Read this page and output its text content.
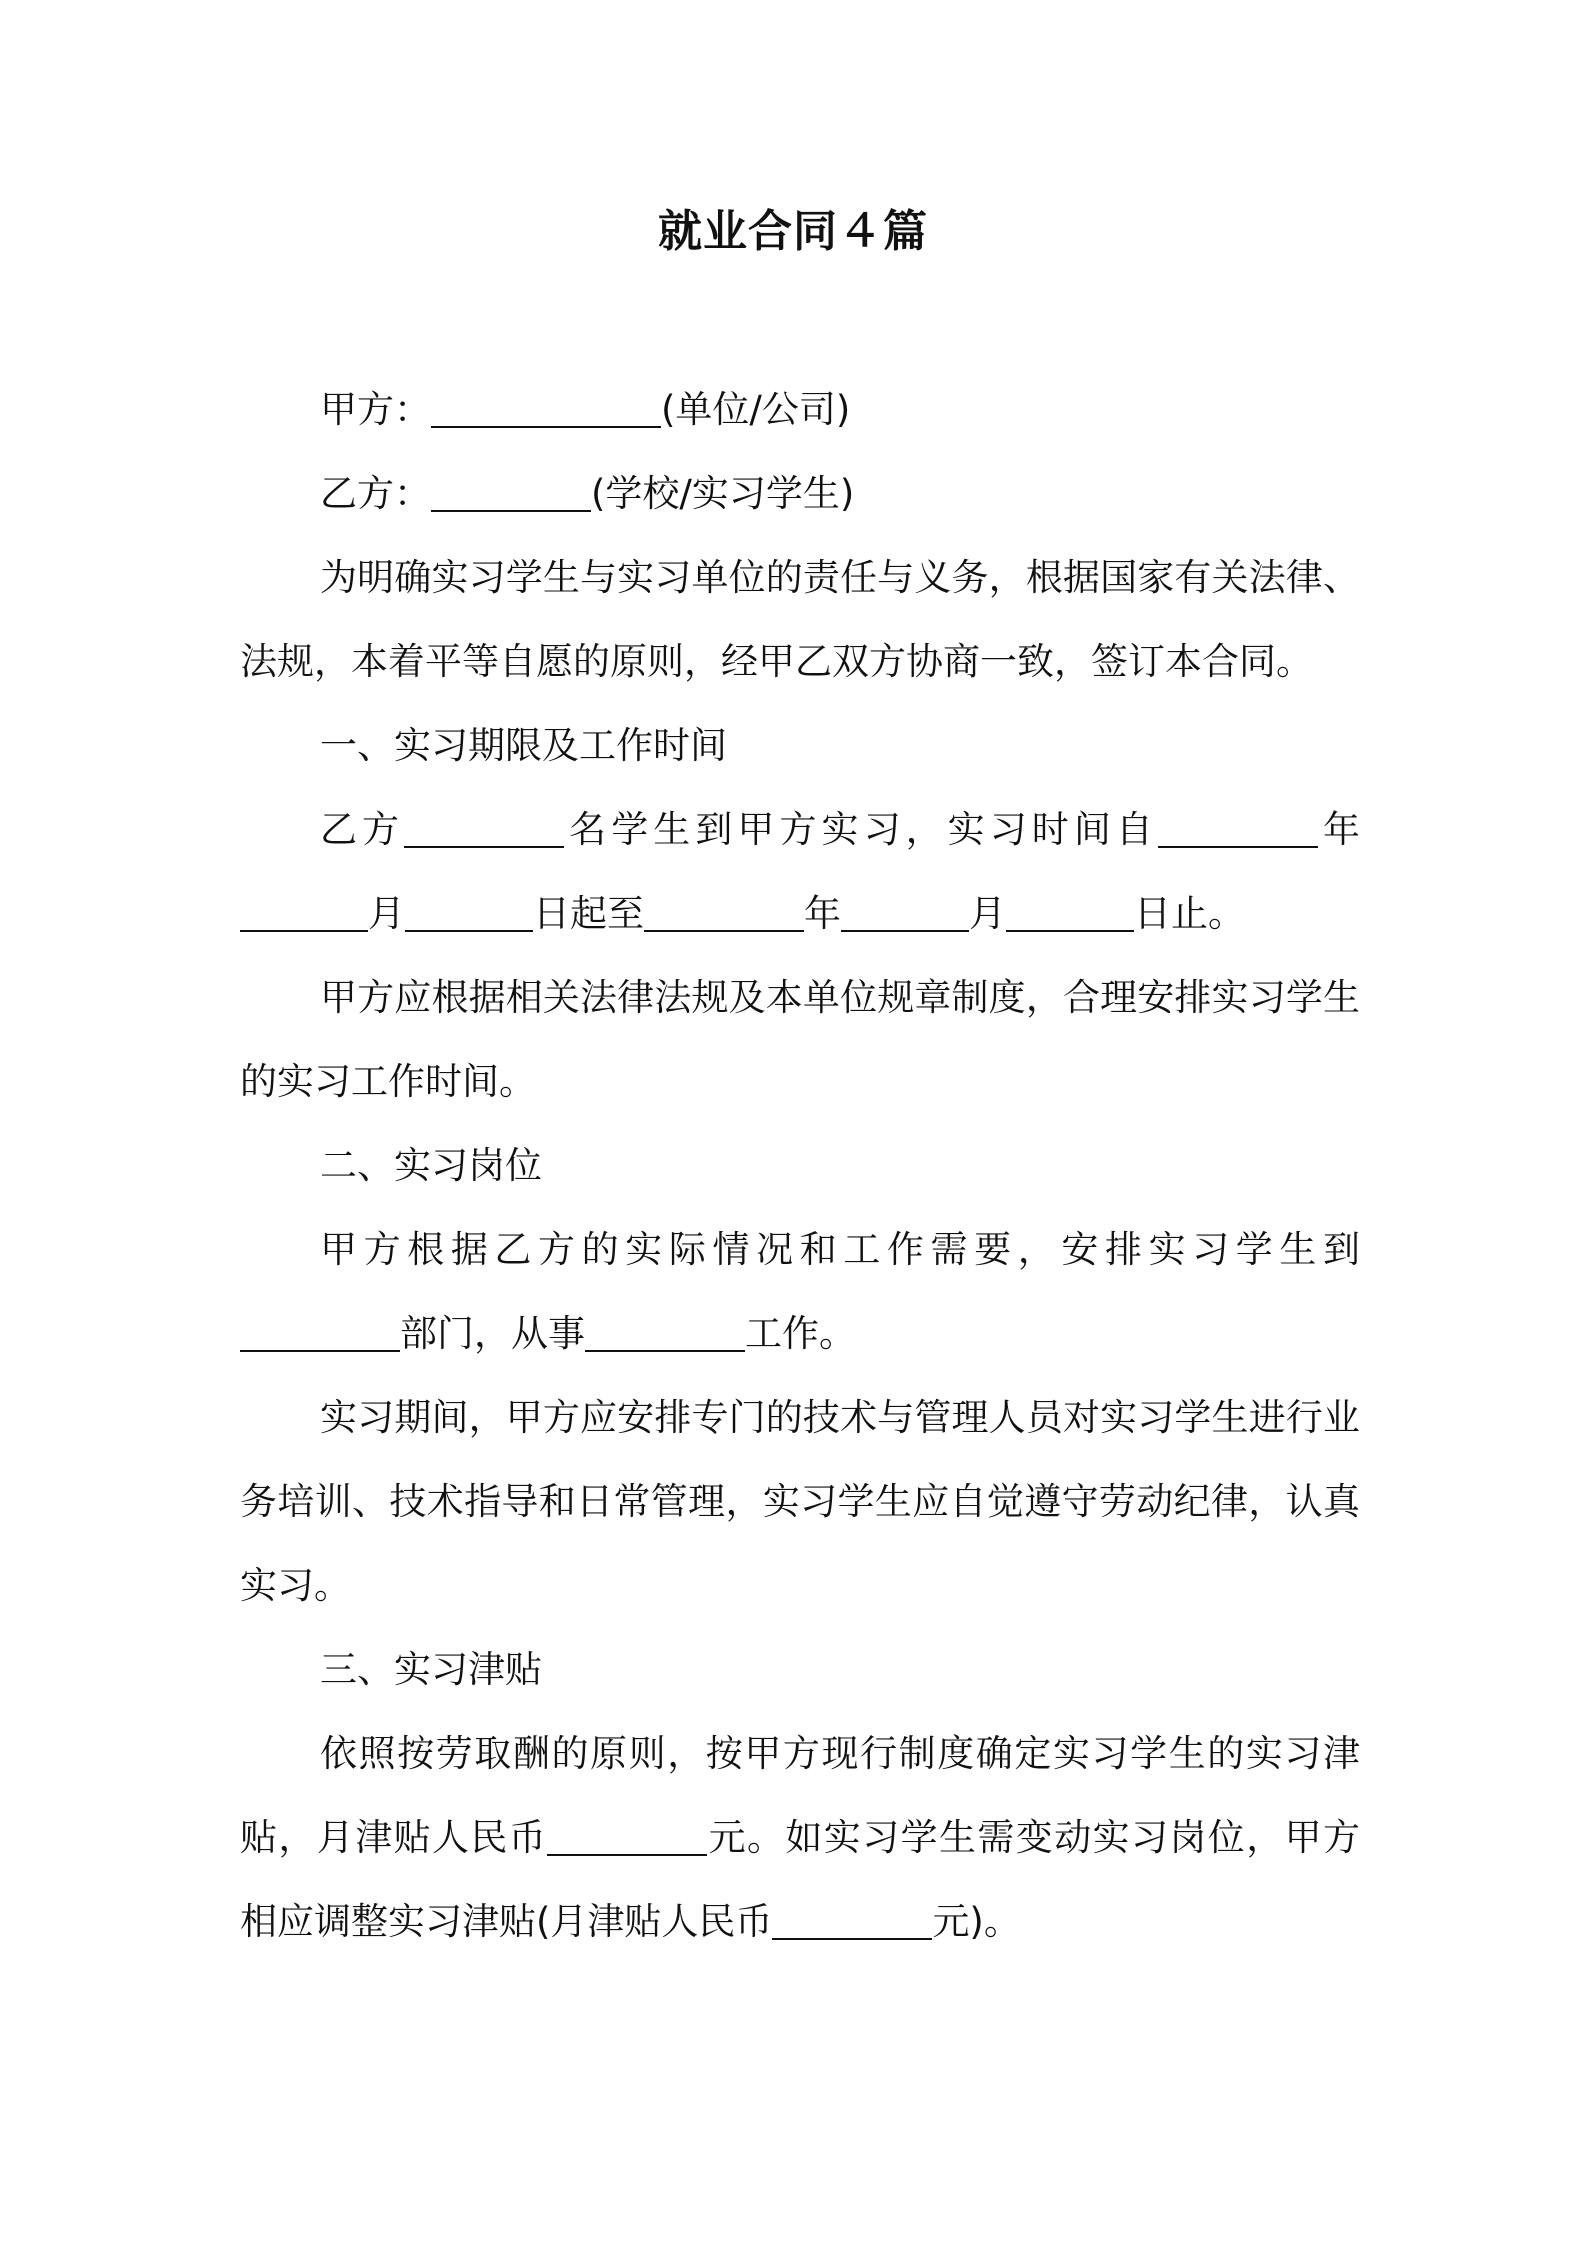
就业合同４篇

甲方：	(单位/公司)

乙方：	(学校/实习学生)

为明确实习学生与实习单位的责任与义务，根据国家有关法律、法规，本着平等自愿的原则，经甲乙双方协商一致，签订本合同。

一、实习期限及工作时间

乙方	名学生到甲方实习，实习时间自	年月	日起至	年	月	日止。

甲方应根据相关法律法规及本单位规章制度，合理安排实习学生的实习工作时间。

二、实习岗位

甲方根据乙方的实际情况和工作需要，安排实习学生到部门，从事	工作。

实习期间，甲方应安排专门的技术与管理人员对实习学生进行业务培训、技术指导和日常管理，实习学生应自觉遵守劳动纪律，认真实习。

三、实习津贴

依照按劳取酬的原则，按甲方现行制度确定实习学生的实习津贴，月津贴人民币	元。如实习学生需变动实习岗位，甲方相应调整实习津贴(月津贴人民币	元)。
